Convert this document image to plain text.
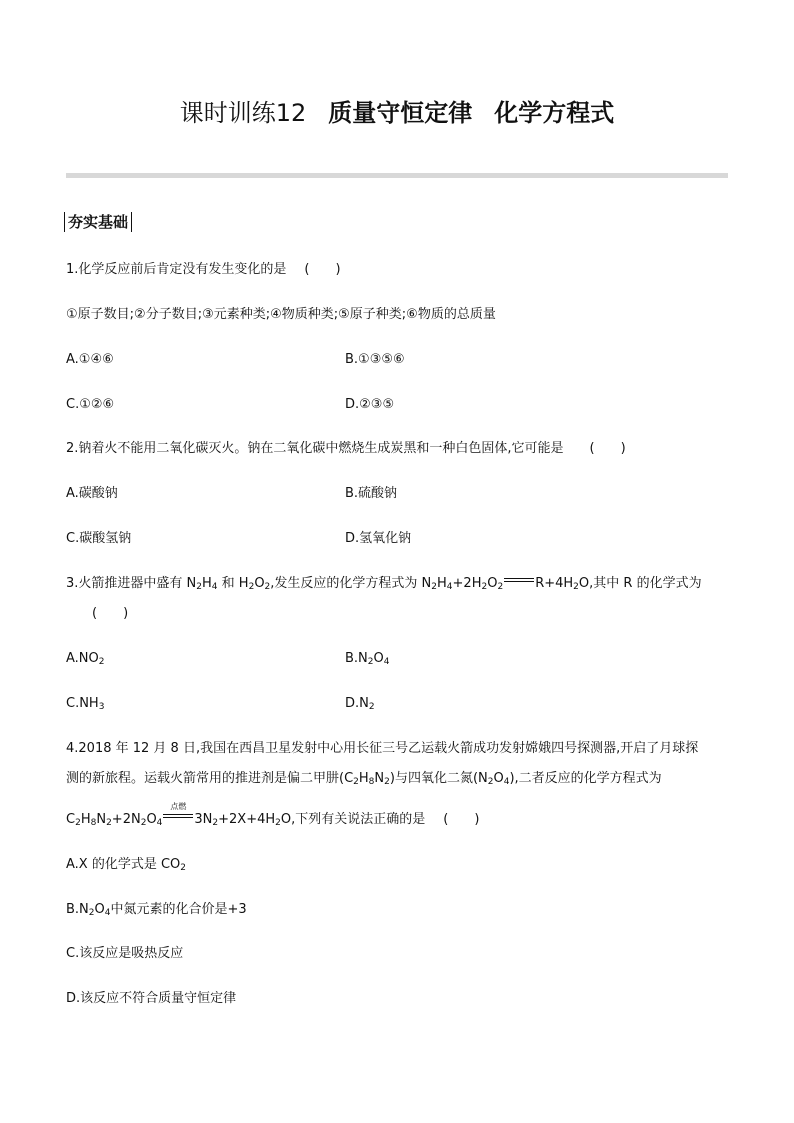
课时训练12 质量守恒定律 化学方程式
夯实基础
1.化学反应前后肯定没有发生变化的是 (　　)
①原子数目;②分子数目;③元素种类;④物质种类;⑤原子种类;⑥物质的总质量
A.①④⑥	B.①③⑤⑥
C.①②⑥	D.②③⑤
2.钠着火不能用二氧化碳灭火。钠在二氧化碳中燃烧生成炭黑和一种白色固体,它可能是 (　　)
A.碳酸钠	B.硫酸钠
C.碳酸氢钠	D.氢氧化钠
3.火箭推进器中盛有 $N_2H_4$ 和 $H_2O_2$,发生反应的化学方程式为 $N_2H_4+2H_2O_2$ $R+4H_2O$,其中 R 的化学式为
(　　)
$A.NO_2$	$B.N_2O_4$
$C.NH_3$	$D.N_2$
4.2018 年 12 月 8 日,我国在西昌卫星发射中心用长征三号乙运载火箭成功发射嫦娥四号探测器,开启了月球探
测的新旅程。运载火箭常用的推进剂是偏二甲肼$(C_2H_8N_2)$与四氧化二氮$(N_2O_4)$,二者反应的化学方程式为
$C_2H_8N_2+2N_2O_4$
点燃
$3N_2+2X+4H_2O$,下列有关说法正确的是 (　　)
A.X 的化学式是 $CO_2$
$B.N_2O_4$中氮元素的化合价是+3
C.该反应是吸热反应
D.该反应不符合质量守恒定律
